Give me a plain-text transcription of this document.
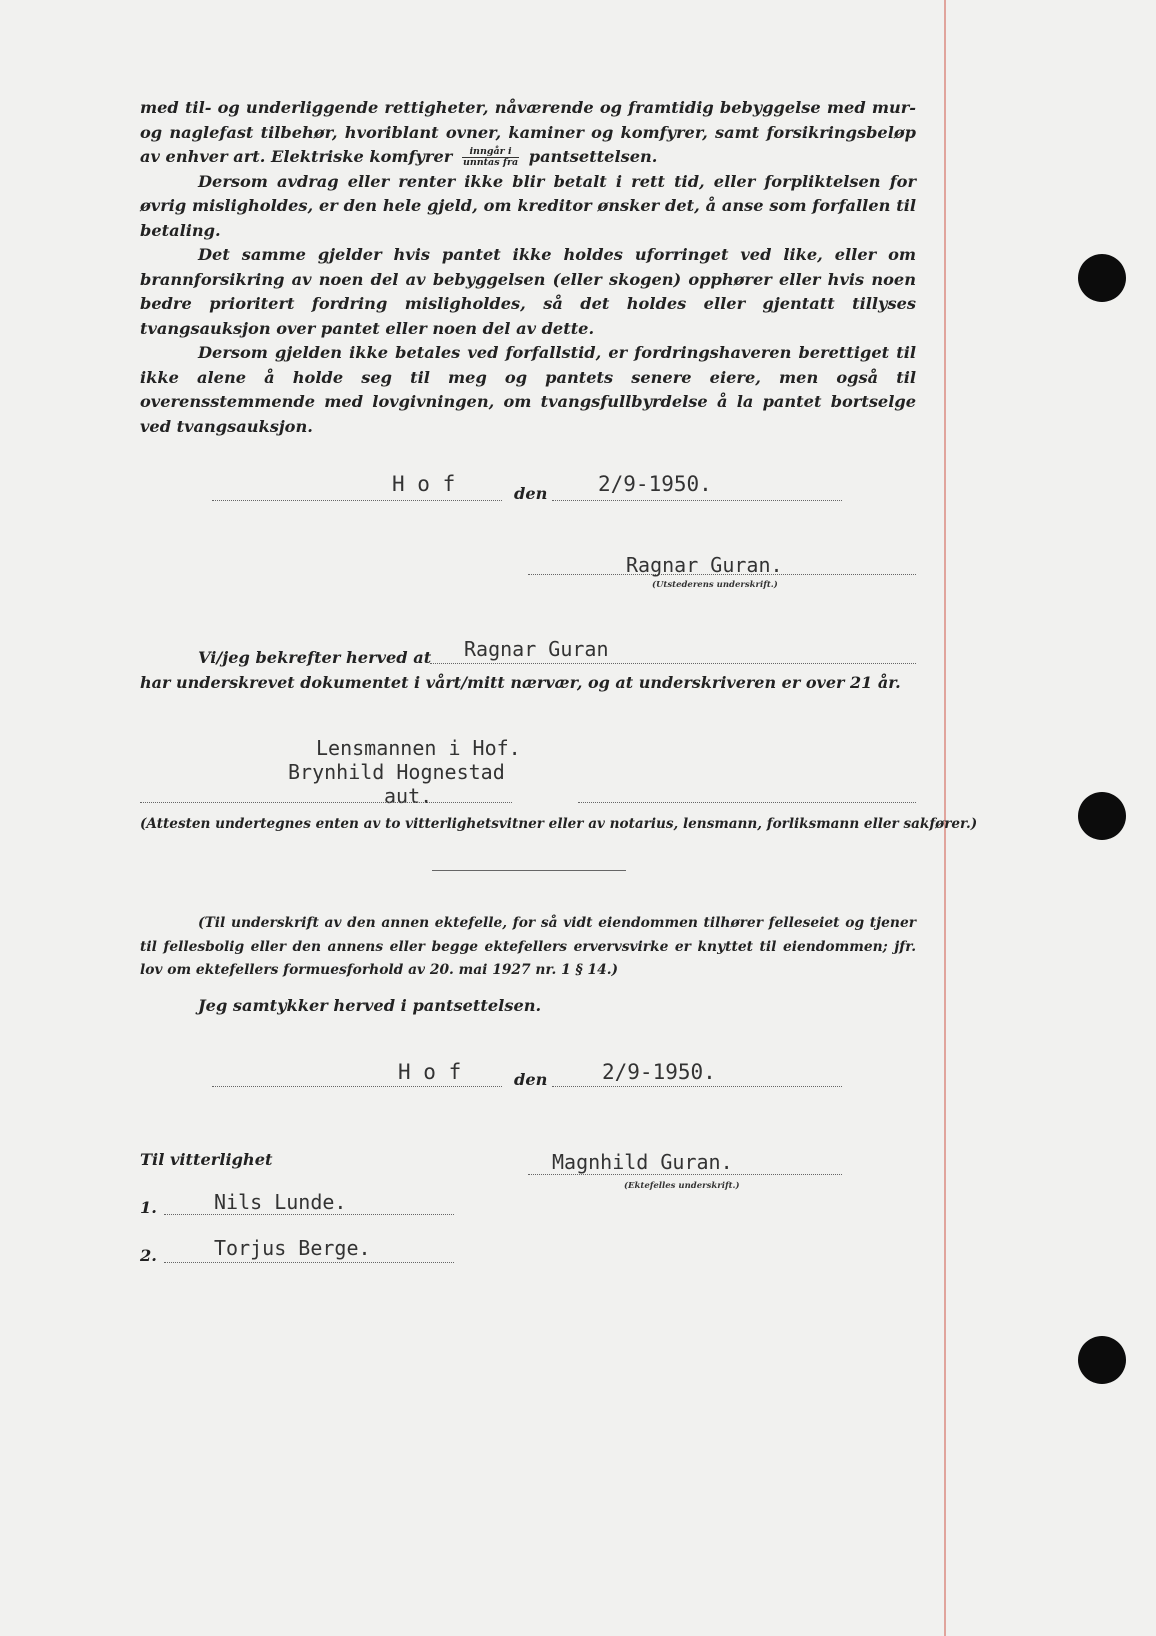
med til- og underliggende rettigheter, nåværende og framtidig bebyggelse med mur- og naglefast tilbehør, hvoriblant ovner, kaminer og komfyrer, samt forsikringsbeløp av enhver art. Elektriske komfyrer $\frac{\text{inngår i}}{\text{unntas fra}}$ pantsettelsen.

Dersom avdrag eller renter ikke blir betalt i rett tid, eller forpliktelsen for øvrig misligholdes, er den hele gjeld, om kreditor ønsker det, å anse som forfallen til betaling.

Det samme gjelder hvis pantet ikke holdes uforringet ved like, eller om brannforsikring av noen del av bebyggelsen (eller skogen) opphører eller hvis noen bedre prioritert fordring misligholdes, så det holdes eller gjentatt tillyses tvangsauksjon over pantet eller noen del av dette.

Dersom gjelden ikke betales ved forfallstid, er fordringshaveren berettiget til ikke alene å holde seg til meg og pantets senere eiere, men også til overensstemmende med lovgivningen, om tvangsfullbyrdelse å la pantet bortselge ved tvangsauksjon.

H o f	den 2/9-1950.
Ragnar Guran.
(Utstederens underskrift.)
Vi/jeg bekrefter herved at Ragnar Guran
har underskrevet dokumentet i vårt/mitt nærvær, og at underskriveren er over 21 år.
Lensmannen i Hof.
Brynhild Hognestad
aut.
(Attesten undertegnes enten av to vitterlighetsvitner eller av notarius, lensmann, forliksmann eller sakfører.)

(Til underskrift av den annen ektefelle, for så vidt eiendommen tilhører felleseiet og tjener til fellesbolig eller den annens eller begge ektefellers ervervsvirke er knyttet til eiendommen; jfr. lov om ektefellers formuesforhold av 20. mai 1927 nr. 1 § 14.)

Jeg samtykker herved i pantsettelsen.
H o f	den	2/9-1950.
Til vitterlighet	Magnhild Guran.
(Ektefelles underskrift.)
1.	Nils Lunde.
2.	Torjus Berge.
